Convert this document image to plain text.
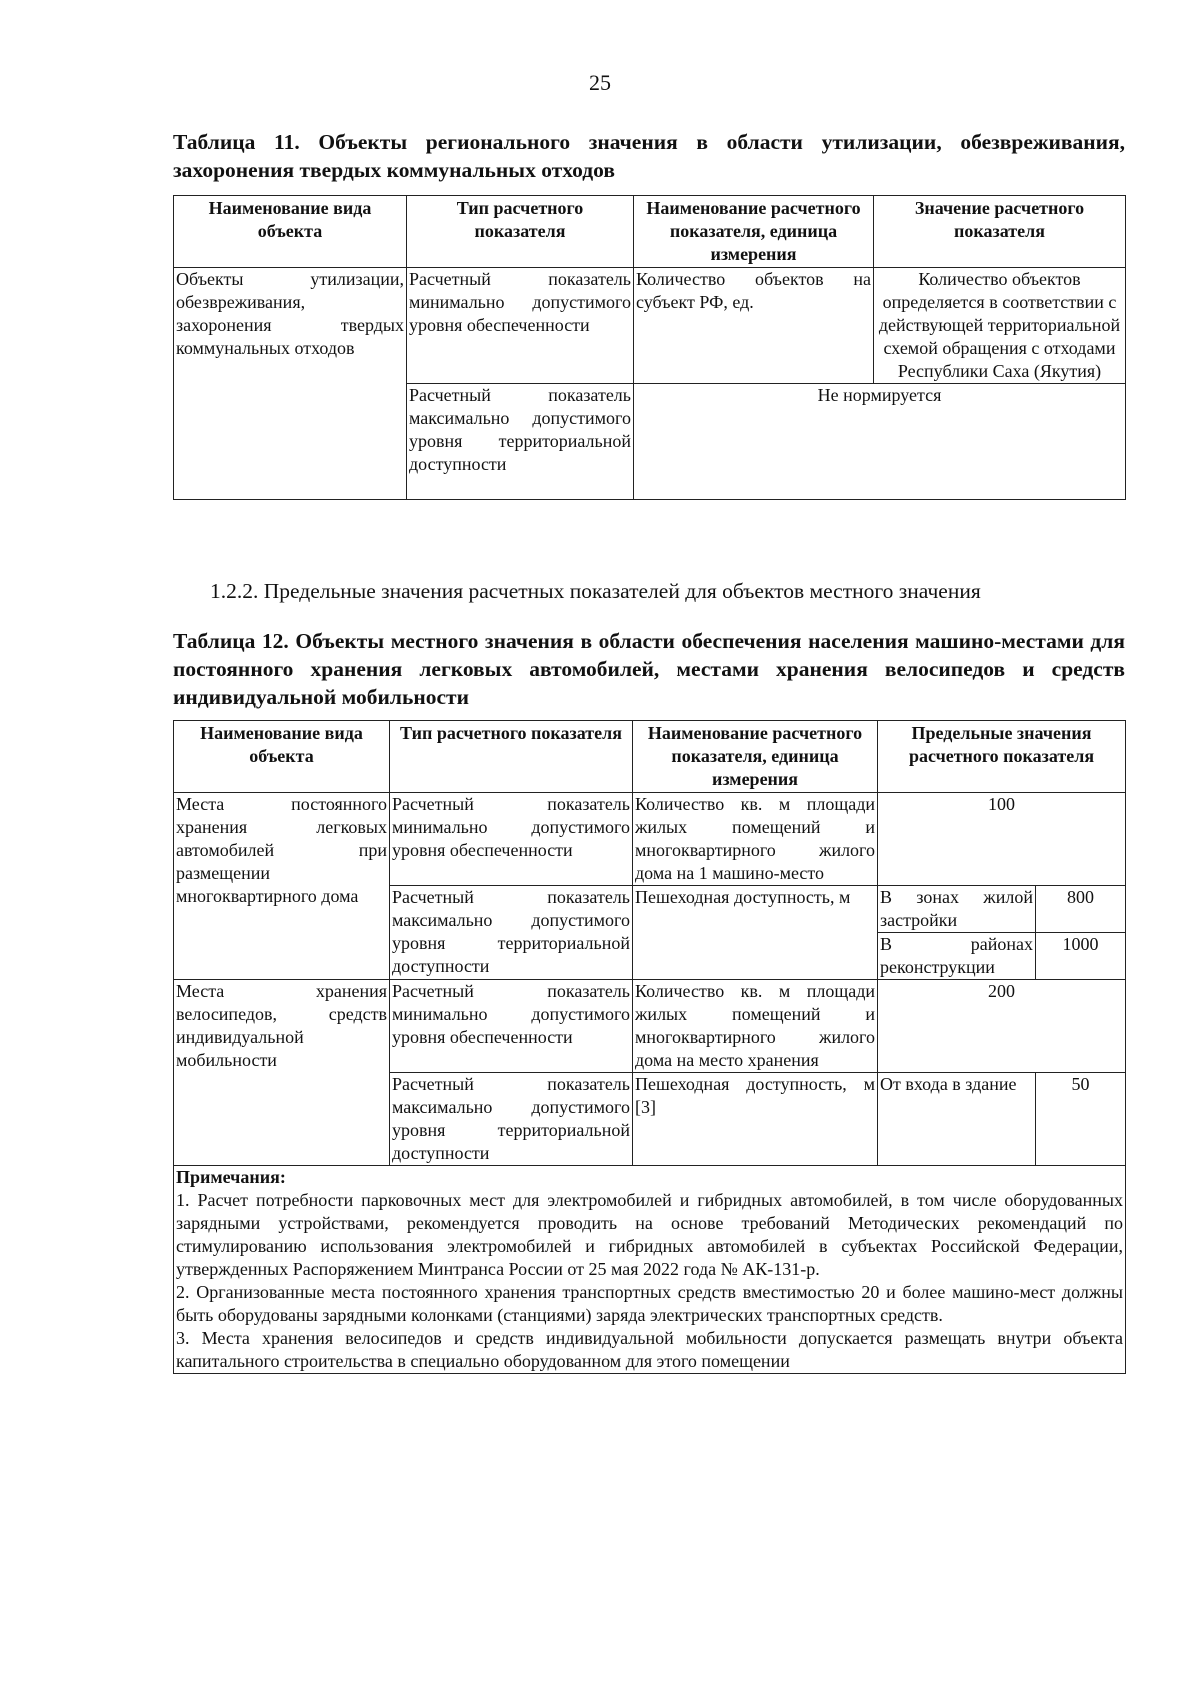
25
Таблица 11. Объекты регионального значения в области утилизации, обезвреживания, захоронения твердых коммунальных отходов
Наименование вида объекта	Тип расчетного показателя	Наименование расчетного показателя, единица измерения	Значение расчетного показателя
Объекты утилизации, обезвреживания, захоронения твердых коммунальных отходов	Расчетный показатель минимально допустимого уровня обеспеченности	Количество объектов на субъект РФ, ед.	Количество объектов определяется в соответствии с действующей территориальной схемой обращения с отходами Республики Саха (Якутия)
	Расчетный показатель максимально допустимого уровня территориальной доступности	Не нормируется	
1.2.2. Предельные значения расчетных показателей для объектов местного значения
Таблица 12. Объекты местного значения в области обеспечения населения машино-местами для постоянного хранения легковых автомобилей, местами хранения велосипедов и средств индивидуальной мобильности
Наименование вида объекта	Тип расчетного показателя	Наименование расчетного показателя, единица измерения	Предельные значения расчетного показателя	
Места постоянного хранения легковых автомобилей при размещении многоквартирного дома	Расчетный показатель минимально допустимого уровня обеспеченности	Количество кв. м площади жилых помещений и многоквартирного жилого дома на 1 машино-место	100	
	Расчетный показатель максимально допустимого уровня территориальной доступности	Пешеходная доступность, м	В зонах жилой застройки	800
			В районах реконструкции	1000
Места хранения велосипедов, средств индивидуальной мобильности	Расчетный показатель минимально допустимого уровня обеспеченности	Количество кв. м площади жилых помещений и многоквартирного жилого дома на место хранения	200	
	Расчетный показатель максимально допустимого уровня территориальной доступности	Пешеходная доступность, м [3]	От входа в здание	50

Примечания:

1. Расчет потребности парковочных мест для электромобилей и гибридных автомобилей, в том числе оборудованных зарядными устройствами, рекомендуется проводить на основе требований Методических рекомендаций по стимулированию использования электромобилей и гибридных автомобилей в субъектах Российской Федерации, утвержденных Распоряжением Минтранса России от 25 мая 2022 года № АК-131-р.

2. Организованные места постоянного хранения транспортных средств вместимостью 20 и более машино-мест должны быть оборудованы зарядными колонками (станциями) заряда электрических транспортных средств.

3. Места хранения велосипедов и средств индивидуальной мобильности допускается размещать внутри объекта капитального строительства в специально оборудованном для этого помещении				
